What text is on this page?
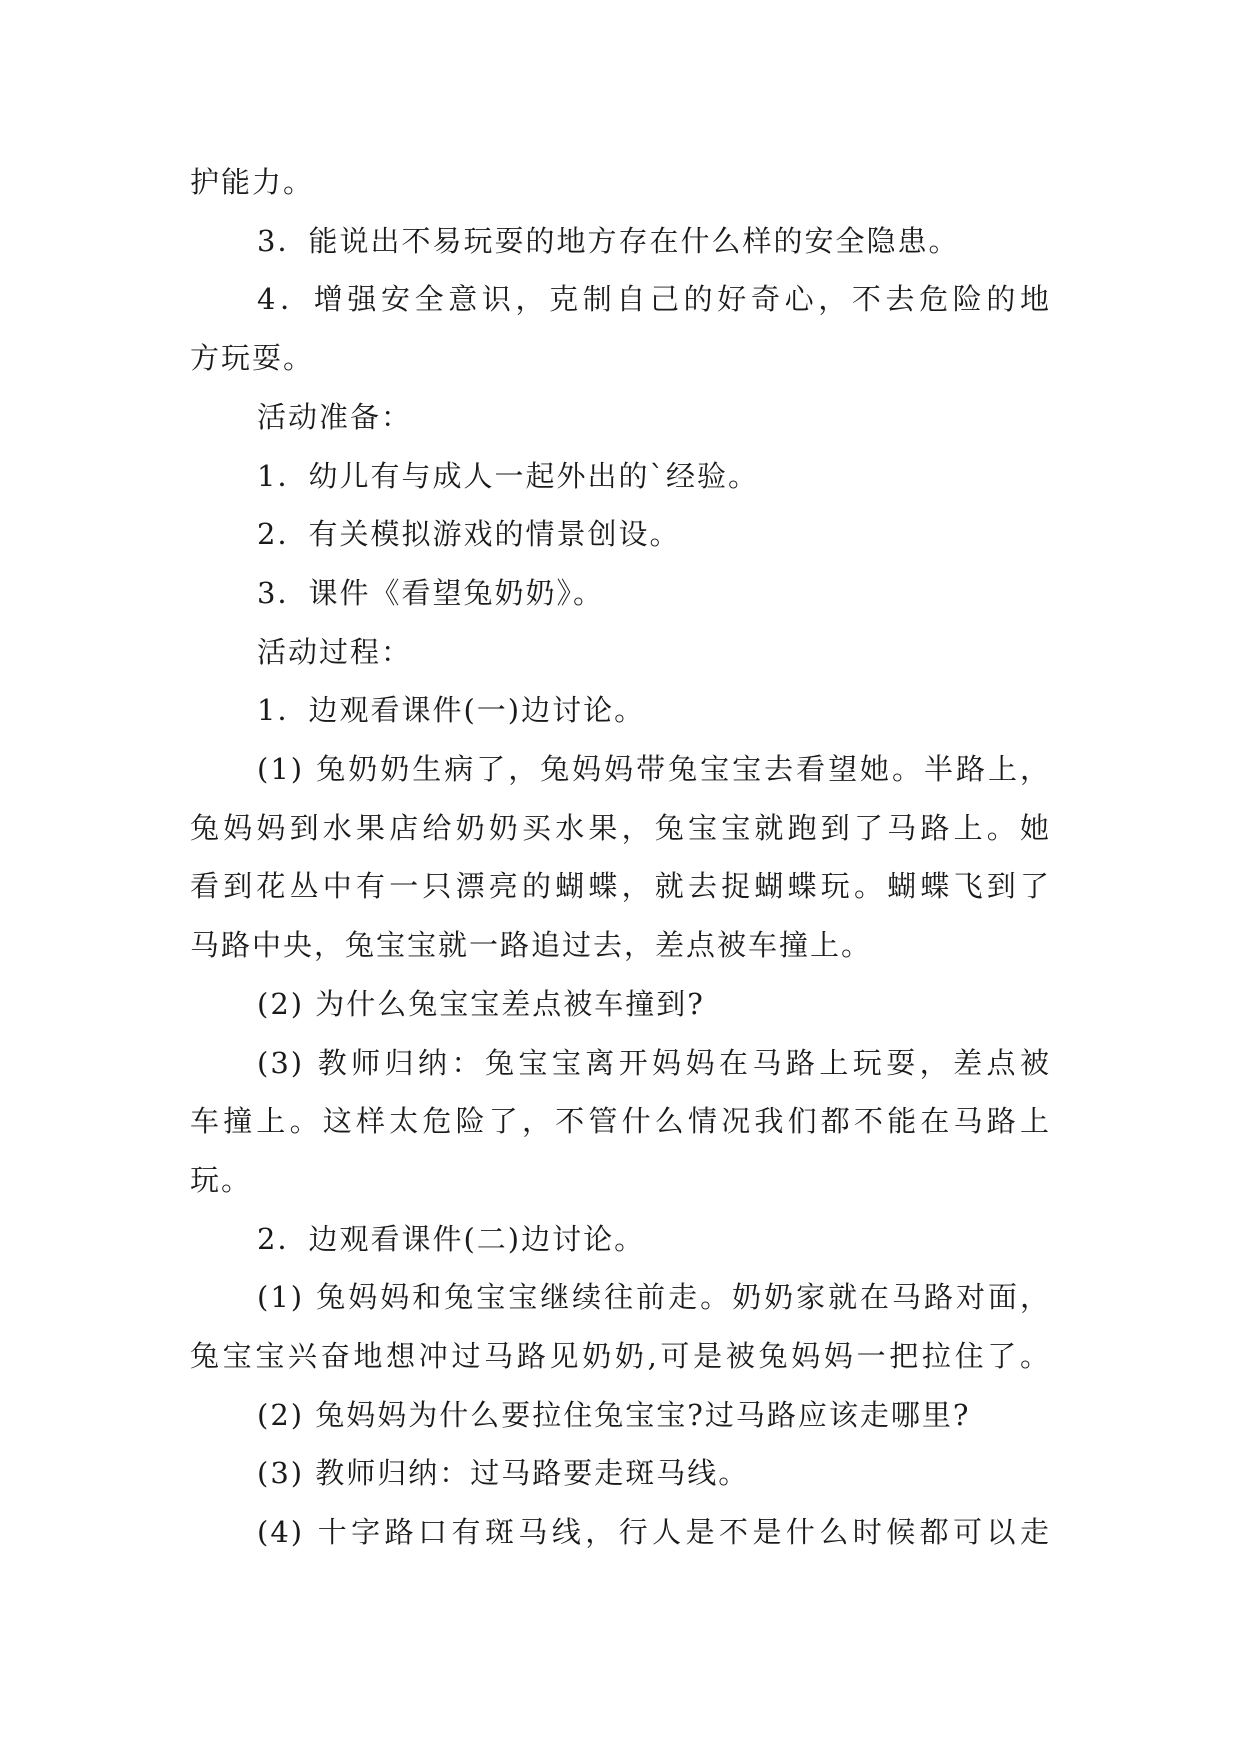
护能力。
3．能说出不易玩耍的地方存在什么样的安全隐患。
4．增强安全意识，克制自己的好奇心，不去危险的地
方玩耍。
活动准备：
1．幼儿有与成人一起外出的`经验。
2．有关模拟游戏的情景创设。
3．课件《看望兔奶奶》。
活动过程：
1．边观看课件(一)边讨论。
(1) 兔奶奶生病了，兔妈妈带兔宝宝去看望她。半路上，
兔妈妈到水果店给奶奶买水果，兔宝宝就跑到了马路上。她
看到花丛中有一只漂亮的蝴蝶，就去捉蝴蝶玩。蝴蝶飞到了
马路中央，兔宝宝就一路追过去，差点被车撞上。
(2) 为什么兔宝宝差点被车撞到?
(3) 教师归纳：兔宝宝离开妈妈在马路上玩耍，差点被
车撞上。这样太危险了，不管什么情况我们都不能在马路上
玩。
2．边观看课件(二)边讨论。
(1) 兔妈妈和兔宝宝继续往前走。奶奶家就在马路对面，
兔宝宝兴奋地想冲过马路见奶奶,可是被兔妈妈一把拉住了。
(2) 兔妈妈为什么要拉住兔宝宝?过马路应该走哪里?
(3) 教师归纳：过马路要走斑马线。
(4) 十字路口有斑马线，行人是不是什么时候都可以走
